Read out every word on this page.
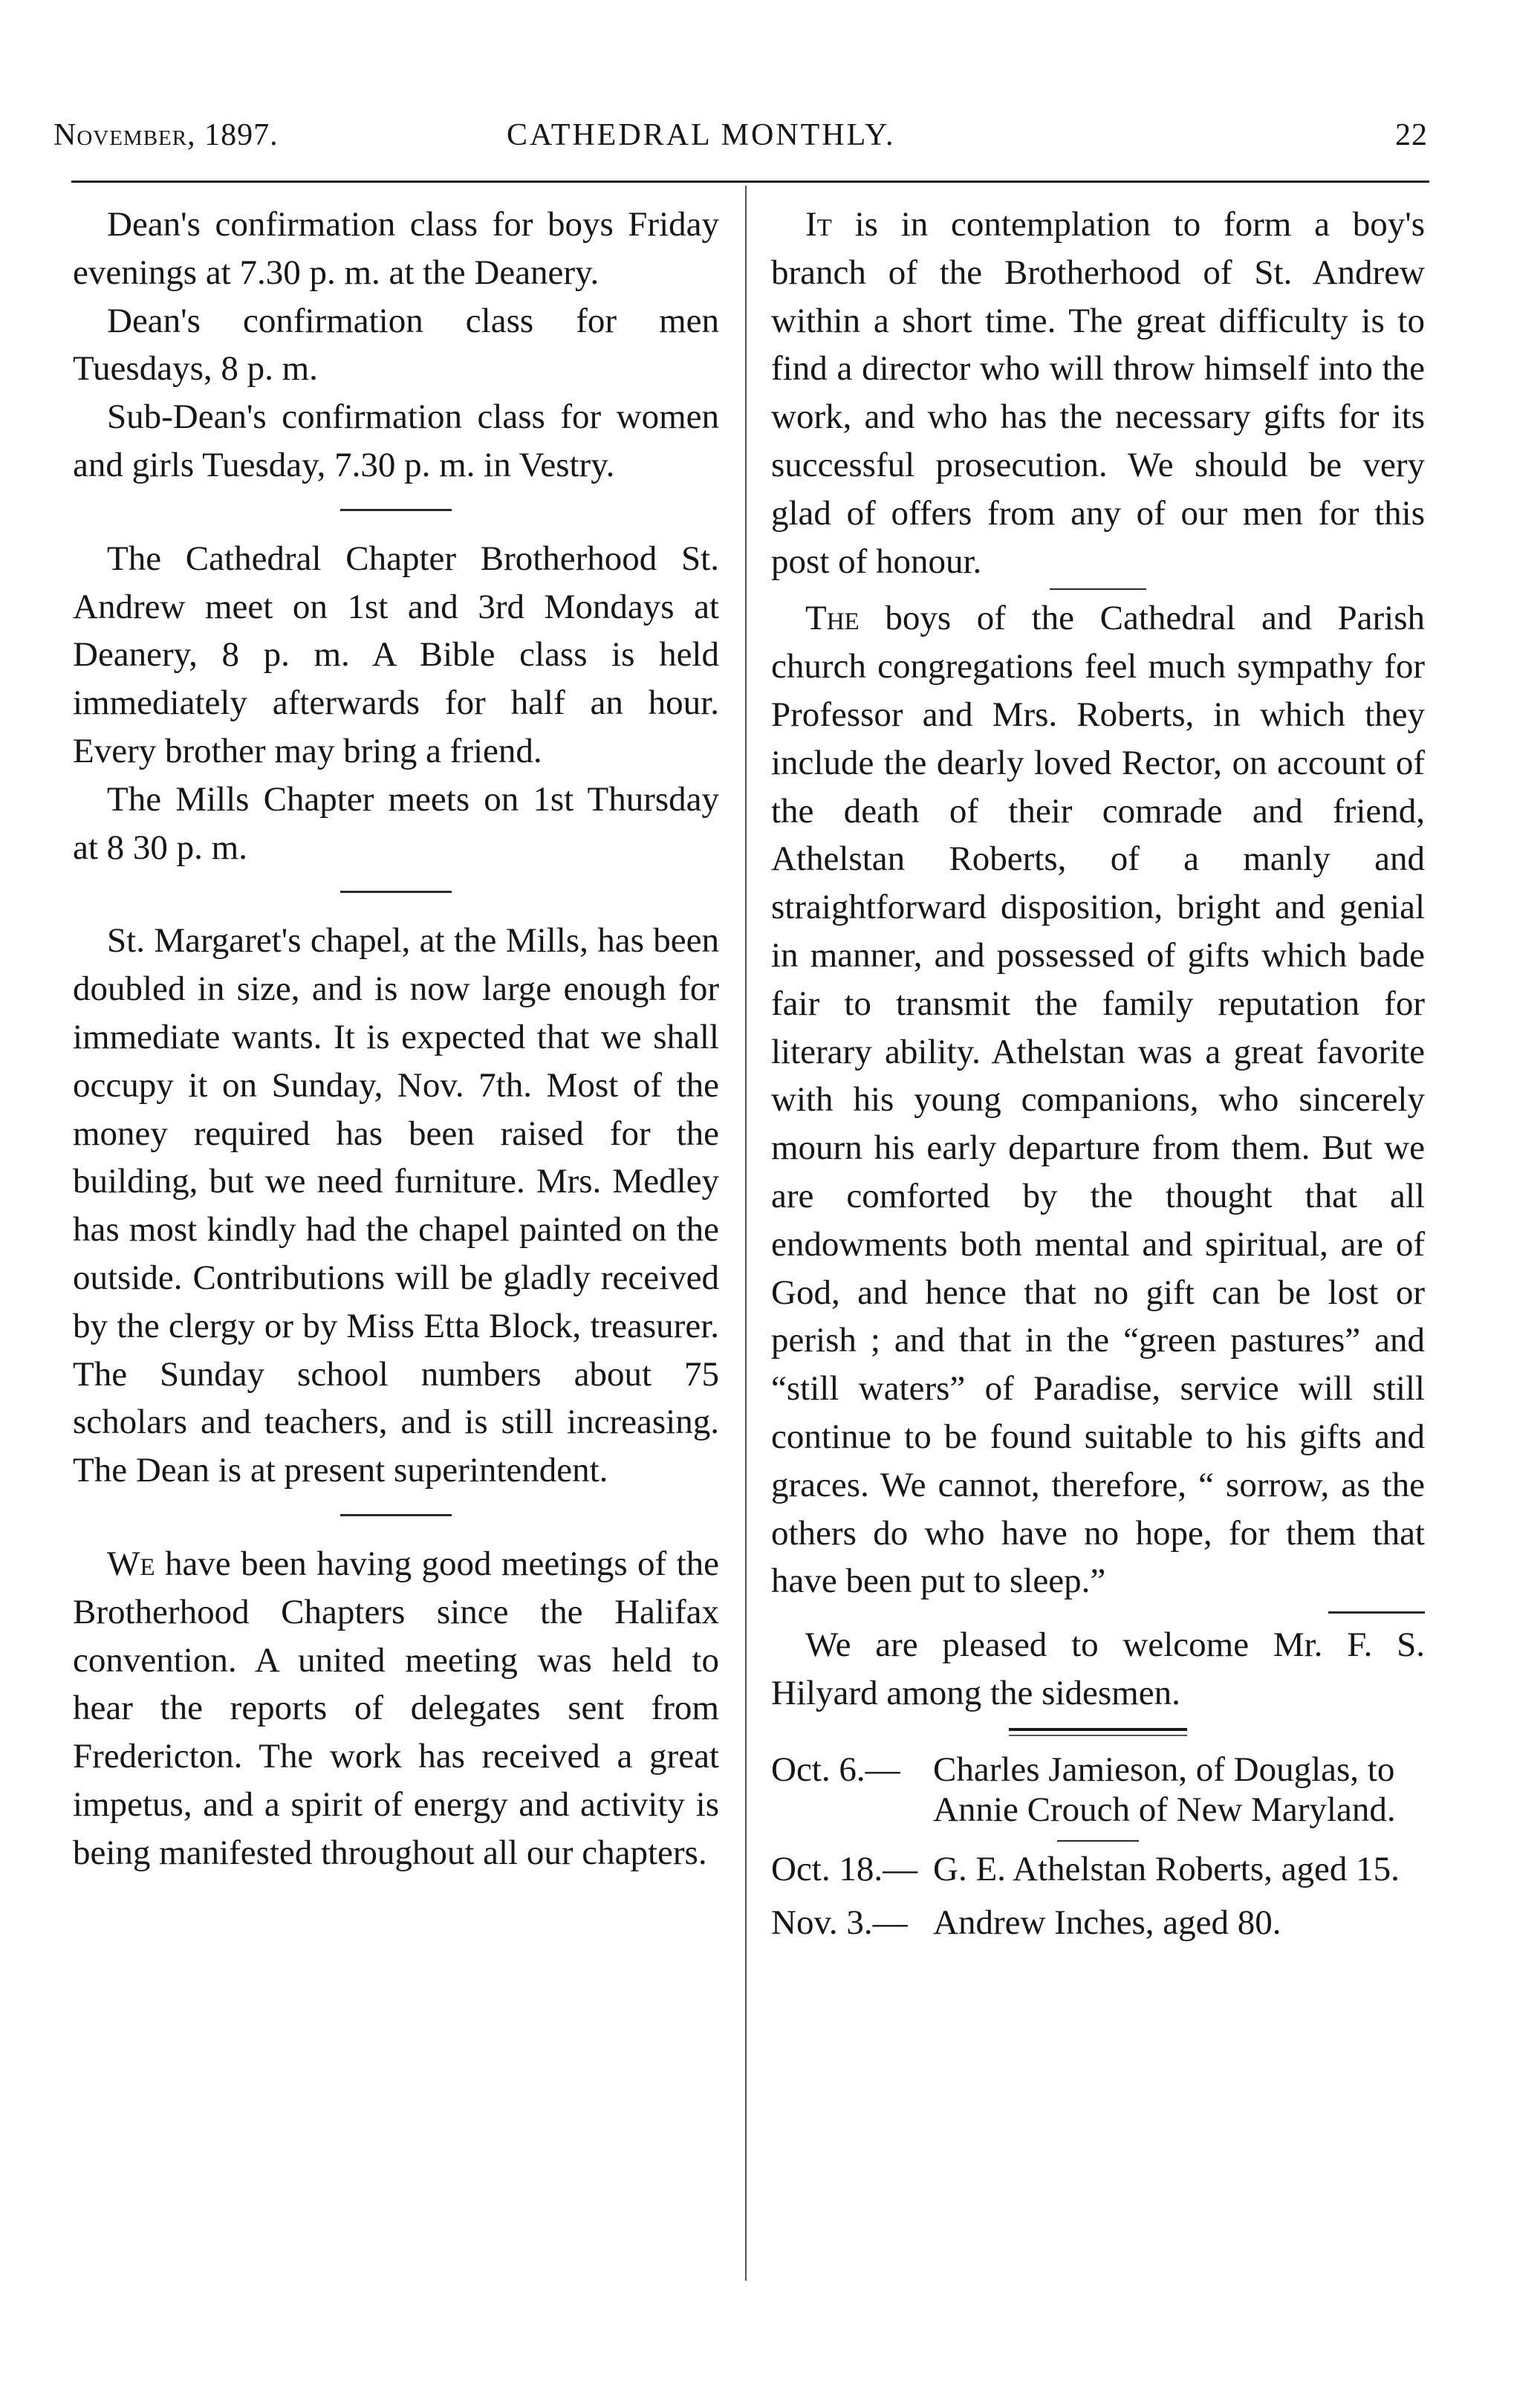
November, 1897.	CATHEDRAL MONTHLY.	22

Dean's confirmation class for boys Friday evenings at 7.30 p. m. at the Deanery.

Dean's confirmation class for men Tuesdays, 8 p. m.

Sub-Dean's confirmation class for women and girls Tuesday, 7.30 p. m. in Vestry.

The Cathedral Chapter Brotherhood St. Andrew meet on 1st and 3rd Mondays at Deanery, 8 p. m. A Bible class is held immediately afterwards for half an hour. Every brother may bring a friend.

The Mills Chapter meets on 1st Thursday at 8 30 p. m.

St. Margaret's chapel, at the Mills, has been doubled in size, and is now large enough for immediate wants. It is expected that we shall occupy it on Sunday, Nov. 7th. Most of the money required has been raised for the building, but we need furniture. Mrs. Medley has most kindly had the chapel painted on the outside. Contributions will be gladly received by the clergy or by Miss Etta Block, treasurer. The Sunday school numbers about 75 scholars and teachers, and is still increasing. The Dean is at present superintendent.

We have been having good meetings of the Brotherhood Chapters since the Halifax convention. A united meeting was held to hear the reports of delegates sent from Fredericton. The work has received a great impetus, and a spirit of energy and activity is being manifested throughout all our chapters.

It is in contemplation to form a boy's branch of the Brotherhood of St. Andrew within a short time. The great difficulty is to find a director who will throw himself into the work, and who has the necessary gifts for its successful prosecution. We should be very glad of offers from any of our men for this post of honour.

The boys of the Cathedral and Parish church congregations feel much sympathy for Professor and Mrs. Roberts, in which they include the dearly loved Rector, on account of the death of their comrade and friend, Athelstan Roberts, of a manly and straightforward disposition, bright and genial in manner, and possessed of gifts which bade fair to transmit the family reputation for literary ability. Athelstan was a great favorite with his young companions, who sincerely mourn his early departure from them. But we are comforted by the thought that all endowments both mental and spiritual, are of God, and hence that no gift can be lost or perish ; and that in the “green pastures” and “still waters” of Paradise, service will still continue to be found suitable to his gifts and graces. We cannot, therefore, “ sorrow, as the others do who have no hope, for them that have been put to sleep.”

We are pleased to welcome Mr. F. S. Hilyard among the sidesmen.

Oct. 6.— Charles Jamieson, of Douglas, to Annie Crouch of New Maryland.
Oct. 18.— G. E. Athelstan Roberts, aged 15.
Nov. 3.— Andrew Inches, aged 80.
